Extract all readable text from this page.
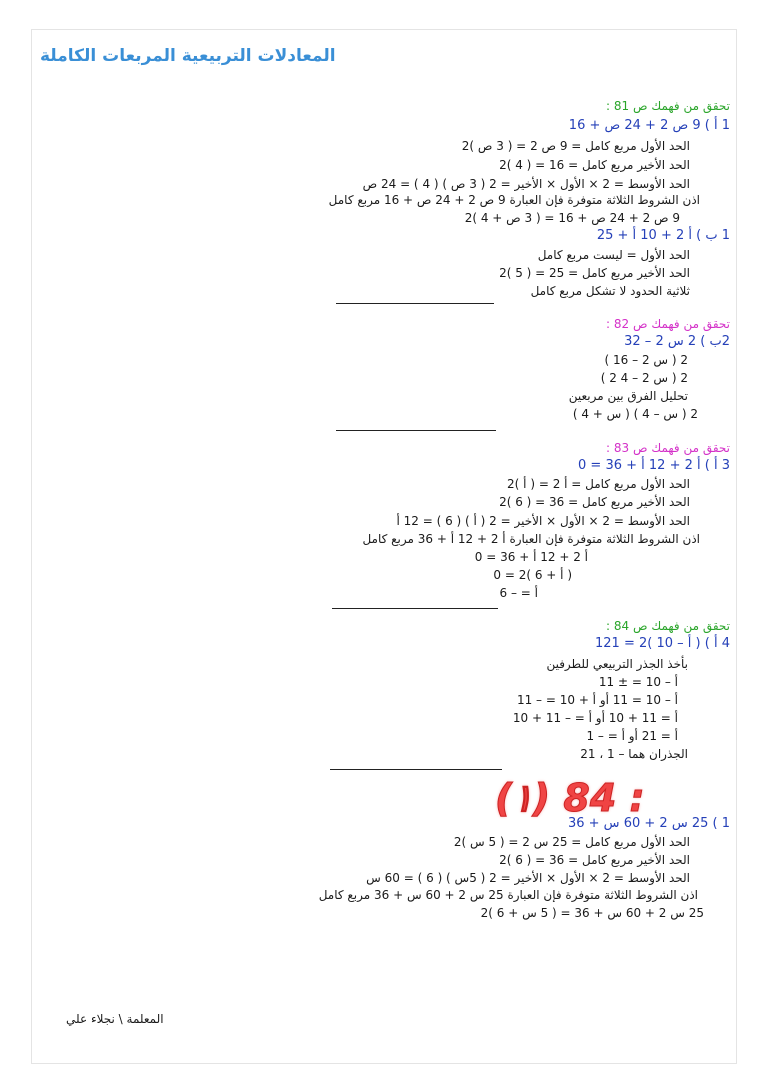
المعادلات التربيعية المربعات الكاملة
تحقق من فهمك ص 81 :
1 أ ) 9 ص 2 + 24 ص + 16
الحد الأول مربع كامل = 9 ص 2 = ( 3 ص )2
الحد الأخير مربع كامل = 16 = ( 4 )2
الحد الأوسط = 2 × الأول × الأخير = 2 ( 3 ص ) ( 4 ) = 24 ص
اذن الشروط الثلاثة متوفرة فإن العبارة 9 ص 2 + 24 ص + 16 مربع كامل
9 ص 2 + 24 ص + 16 = ( 3 ص + 4 )2
1 ب ) أ 2 + 10 أ + 25
الحد الأول = ليست مربع كامل
الحد الأخير مربع كامل = 25 = ( 5 )2
ثلاثية الحدود لا تشكل مربع كامل
تحقق من فهمك ص 82 :
2ب ) 2 س 2 – 32
2 ( س 2 – 16 )
2 ( س 2 – 4 2 )
تحليل الفرق بين مربعين
2 ( س – 4 ) ( س + 4 )
تحقق من فهمك ص 83 :
3 أ ) أ 2 + 12 أ + 36 = 0
الحد الأول مربع كامل = أ 2 = ( أ )2
الحد الأخير مربع كامل = 36 = ( 6 )2
الحد الأوسط = 2 × الأول × الأخير = 2 ( أ ) ( 6 ) = 12 أ
اذن الشروط الثلاثة متوفرة فإن العبارة أ 2 + 12 أ + 36 مربع كامل
أ 2 + 12 أ + 36 = 0
( أ + 6 )2 = 0
أ = – 6
تحقق من فهمك ص 84 :
4 أ ) ( أ – 10 )2 = 121
بأخذ الجذر التربيعي للطرفين
أ – 10 = ± 11
أ – 10 = 11 أو أ + 10 = – 11
أ = 11 + 10 أو أ = – 11 + 10
أ = 21 أو أ = – 1
الجذران هما – 1 ، 21
(۱) 84 :
1 ) 25 س 2 + 60 س + 36
الحد الأول مربع كامل = 25 س 2 = ( 5 س )2
الحد الأخير مربع كامل = 36 = ( 6 )2
الحد الأوسط = 2 × الأول × الأخير = 2 ( 5س ) ( 6 ) = 60 س
اذن الشروط الثلاثة متوفرة فإن العبارة 25 س 2 + 60 س + 36 مربع كامل
25 س 2 + 60 س + 36 = ( 5 س + 6 )2
المعلمة \ نجلاء علي
